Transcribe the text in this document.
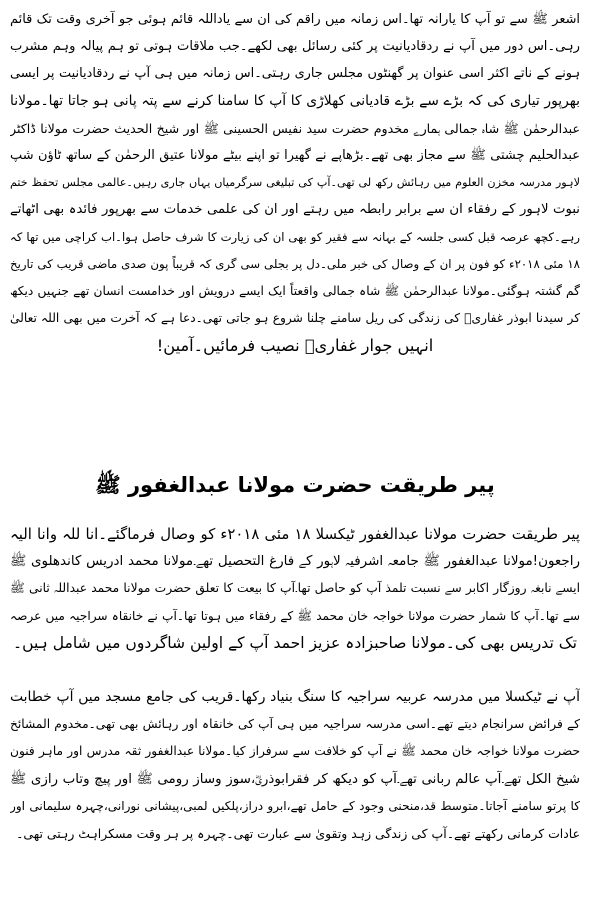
اشعر ﷺ سے تو آپ کا یارانہ تھا۔اس زمانہ میں راقم کی ان سے یاداللہ قائم ہوئی جو آخری وقت تک قائم
رہی۔اس دور میں آپ نے ردقادیانیت پر کئی رسائل بھی لکھے۔جب ملاقات ہوتی تو ہم پیالہ وہم مشرب
ہونے کے ناتے اکثر اسی عنوان پر گھنٹوں مجلس جاری رہتی۔اس زمانہ میں ہی آپ نے ردقادیانیت پر ایسی
بھرپور تیاری کی کہ بڑے سے بڑے قادیانی کھلاڑی کا آپ کا سامنا کرنے سے پتہ پانی ہو جاتا تھا۔مولانا
عبدالرحمٰن ﷺ شاہ جمالی ہمارے مخدوم حضرت سید نفیس الحسینی ﷺ اور شیخ الحدیث حضرت مولانا ڈاکٹر
عبدالحلیم چشتی ﷺ سے مجاز بھی تھے۔بڑھاپے نے گھیرا تو اپنے بیٹے مولانا عتیق الرحمٰن کے ساتھ ٹاؤن شپ
لاہور مدرسہ مخزن العلوم میں رہائش رکھ لی تھی۔آپ کی تبلیغی سرگرمیاں یہاں جاری رہیں۔عالمی مجلس تحفظ ختم
نبوت لاہور کے رفقاء ان سے برابر رابطہ میں رہتے اور ان کی علمی خدمات سے بھرپور فائدہ بھی اٹھاتے
رہے۔کچھ عرصہ قبل کسی جلسہ کے بہانہ سے فقیر کو بھی ان کی زیارت کا شرف حاصل ہوا۔اب کراچی میں تھا کہ
۱۸ مئی ۲۰۱۸ء کو فون پر ان کے وصال کی خبر ملی۔دل پر بجلی سی گری کہ قریباً پون صدی ماضی قریب کی تاریخ
گم گشتہ ہوگئی۔مولانا عبدالرحمٰن ﷺ شاہ جمالی واقعتاً ایک ایسے درویش اور خدامست انسان تھے جنہیں دیکھ
کر سیدنا ابوذر غفاریؓ کی زندگی کی ریل سامنے چلنا شروع ہو جاتی تھی۔دعا ہے کہ آخرت میں بھی اللہ تعالیٰ
انہیں جوار غفاریؓ نصیب فرمائیں۔آمین!
پیر طریقت حضرت مولانا عبدالغفور ﷺ
پیر طریقت حضرت مولانا عبدالغفور ٹیکسلا ۱۸ مئی ۲۰۱۸ء کو وصال فرماگئے۔انا للہ وانا الیہ
راجعون!مولانا عبدالغفور ﷺ جامعہ اشرفیہ لاہور کے فارغ التحصیل تھے۔مولانا محمد ادریس کاندھلوی ﷺ
ایسے نابغہ روزگار اکابر سے نسبت تلمذ آپ کو حاصل تھا۔آپ کا بیعت کا تعلق حضرت مولانا محمد عبداللہ ثانی ﷺ
سے تھا۔آپ کا شمار حضرت مولانا خواجہ خان محمد ﷺ کے رفقاء میں ہوتا تھا۔آپ نے خانقاہ سراجیہ میں عرصہ
تک تدریس بھی کی۔مولانا صاحبزادہ عزیز احمد آپ کے اولین شاگردوں میں شامل ہیں۔
آپ نے ٹیکسلا میں مدرسہ عربیہ سراجیہ کا سنگ بنیاد رکھا۔قریب کی جامع مسجد میں آپ خطابت
کے فرائض سرانجام دیتے تھے۔اسی مدرسہ سراجیہ میں ہی آپ کی خانقاہ اور رہائش بھی تھی۔مخدوم المشائخ
حضرت مولانا خواجہ خان محمد ﷺ نے آپ کو خلافت سے سرفراز کیا۔مولانا عبدالغفور ثقہ مدرس اور ماہر فنون
شیخ الکل تھے۔آپ عالم ربانی تھے۔آپ کو دیکھ کر فقرابوذریؓ،سوز وساز رومی ﷺ اور پیچ وتاب رازی ﷺ
کا پرتو سامنے آجاتا۔متوسط قد،منحنی وجود کے حامل تھے،ابرو دراز،پلکیں لمبی،پیشانی نورانی،چہرہ سلیمانی اور
عادات کرمانی رکھتے تھے۔آپ کی زندگی زہد وتقویٰ سے عبارت تھی۔چہرہ پر ہر وقت مسکراہٹ رہتی تھی۔
